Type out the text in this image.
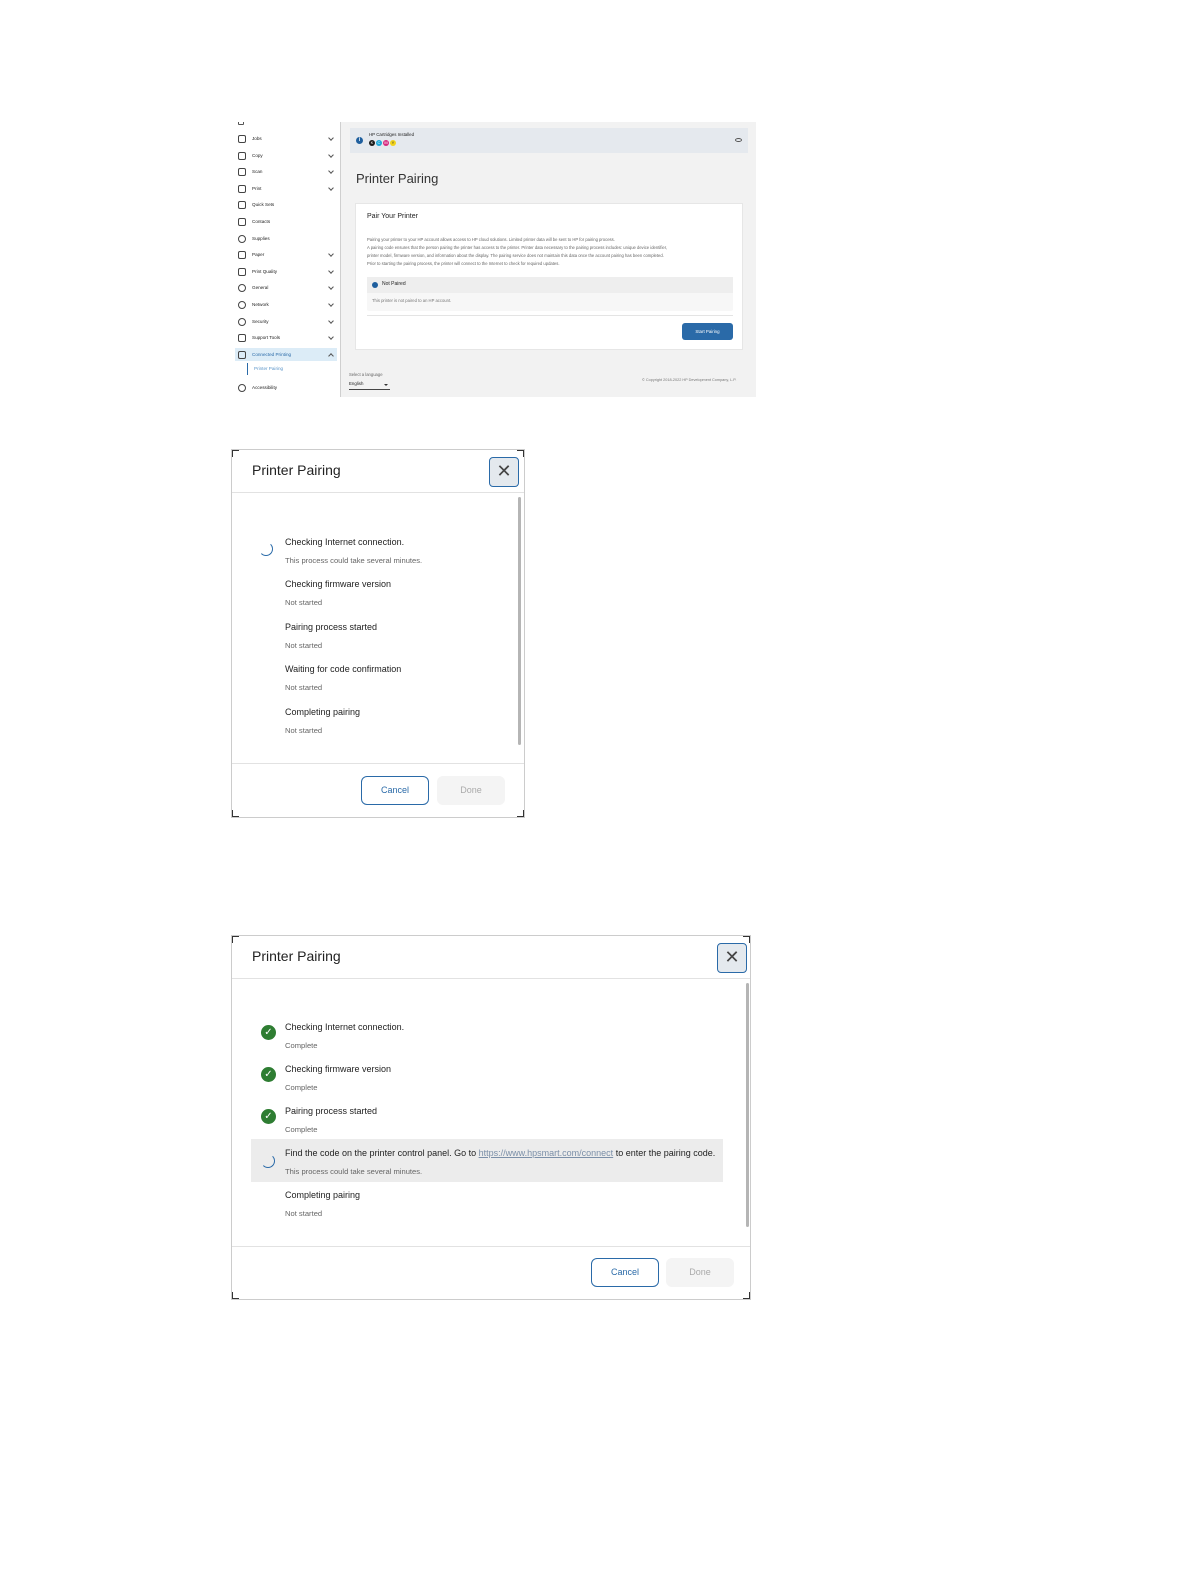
Jobs
Copy
Scan
Print
Quick Sets
Contacts
Supplies
Paper
Print Quality
General
Network
Security
Support Tools
Connected Printing
Printer Pairing
Accessibility
i
HP Cartridges Installed
K	C M Y
Printer Pairing
Pair Your Printer
Pairing your printer to your HP account allows access to HP cloud solutions. Limited printer data will be sent to HP for pairing process.
A pairing code ensures that the person pairing the printer has access to the printer. Printer data necessary to the pairing process includes: unique device identifier,
printer model, firmware version, and information about the display. The pairing service does not maintain this data once the account pairing has been completed.
Prior to starting the pairing process, the printer will connect to the Internet to check for required updates.
Not Paired
This printer is not paired to an HP account.
Start Pairing
Select a language
English
© Copyright 2018-2022 HP Development Company, L.P.
Printer Pairing	✕
Checking Internet connection.
This process could take several minutes.
Checking firmware version
Not started
Pairing process started
Not started
Waiting for code confirmation
Not started
Completing pairing
Not started
Cancel	Done
Printer Pairing	✕
✓	Checking Internet connection.
Complete
✓	Checking firmware version
Complete
✓	Pairing process started
Complete
Find the code on the printer control panel. Go to https://www.hpsmart.com/connect to enter the pairing code.
This process could take several minutes.
Completing pairing
Not started
Cancel	Done
